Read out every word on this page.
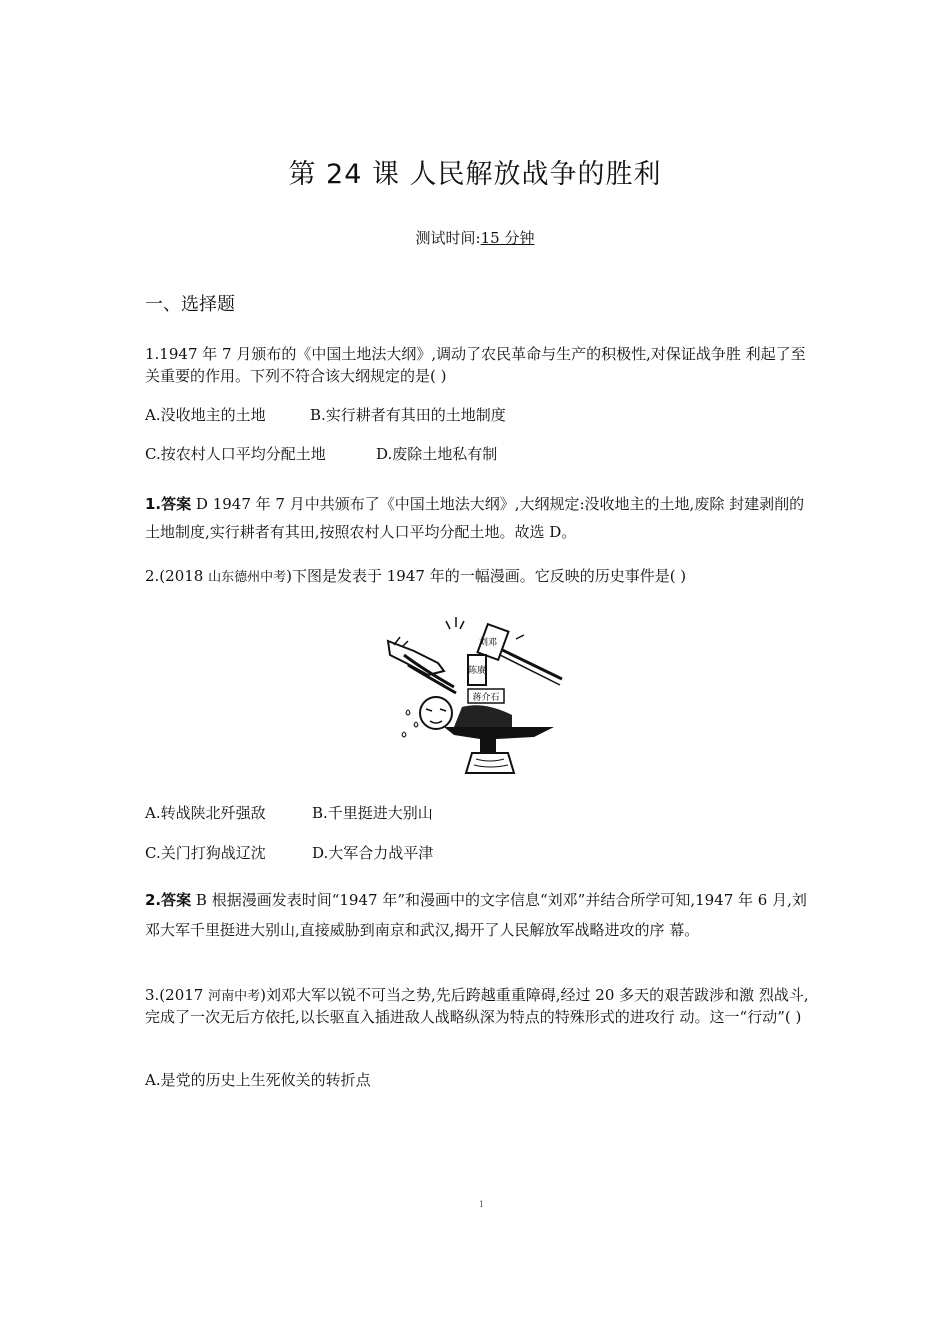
第 24 课 人民解放战争的胜利
测试时间:15 分钟
一、选择题
1.1947 年 7 月颁布的《中国土地法大纲》,调动了农民革命与生产的积极性,对保证战争胜 利起了至关重要的作用。下列不符合该大纲规定的是( )
A.没收地主的土地	B.实行耕者有其田的土地制度
C.按农村人口平均分配土地	D.废除土地私有制
1.答案 D 1947 年 7 月中共颁布了《中国土地法大纲》,大纲规定:没收地主的土地,废除 封建剥削的土地制度,实行耕者有其田,按照农村人口平均分配土地。故选 D。
2.(2018 山东德州中考)下图是发表于 1947 年的一幅漫画。它反映的历史事件是( )
刘邓
陈赓
蒋介石
A.转战陕北歼强敌	B.千里挺进大别山
C.关门打狗战辽沈	D.大军合力战平津
2.答案 B 根据漫画发表时间“1947 年”和漫画中的文字信息“刘邓”并结合所学可知,1947 年 6 月,刘邓大军千里挺进大别山,直接威胁到南京和武汉,揭开了人民解放军战略进攻的序 幕。
3.(2017 河南中考)刘邓大军以锐不可当之势,先后跨越重重障碍,经过 20 多天的艰苦跋涉和激 烈战斗,完成了一次无后方依托,以长驱直入插进敌人战略纵深为特点的特殊形式的进攻行 动。这一“行动”( )
A.是党的历史上生死攸关的转折点
1
